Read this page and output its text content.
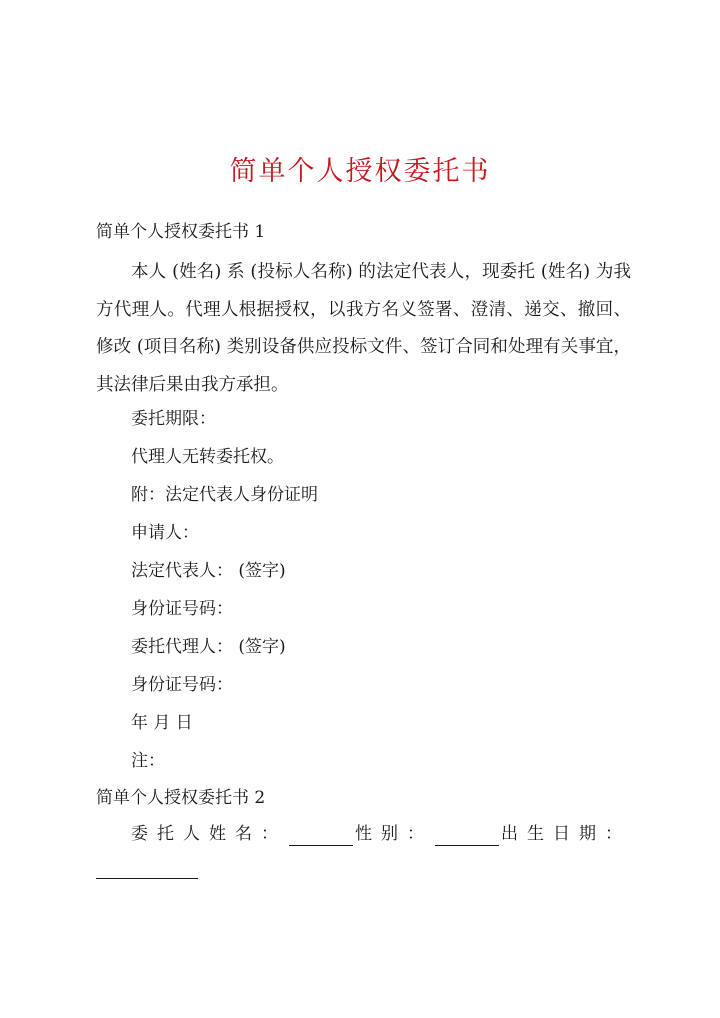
简单个人授权委托书
简单个人授权委托书 1
本人 (姓名) 系 (投标人名称) 的法定代表人，现委托 (姓名) 为我方代理人。代理人根据授权，以我方名义签署、澄清、递交、撤回、修改 (项目名称) 类别设备供应投标文件、签订合同和处理有关事宜，其法律后果由我方承担。
委托期限：
代理人无转委托权。
附：法定代表人身份证明
申请人：
法定代表人： (签字)
身份证号码：
委托代理人： (签字)
身份证号码：
年 月 日
注：
简单个人授权委托书 2
委托人姓名：	性别：	出生日期：
